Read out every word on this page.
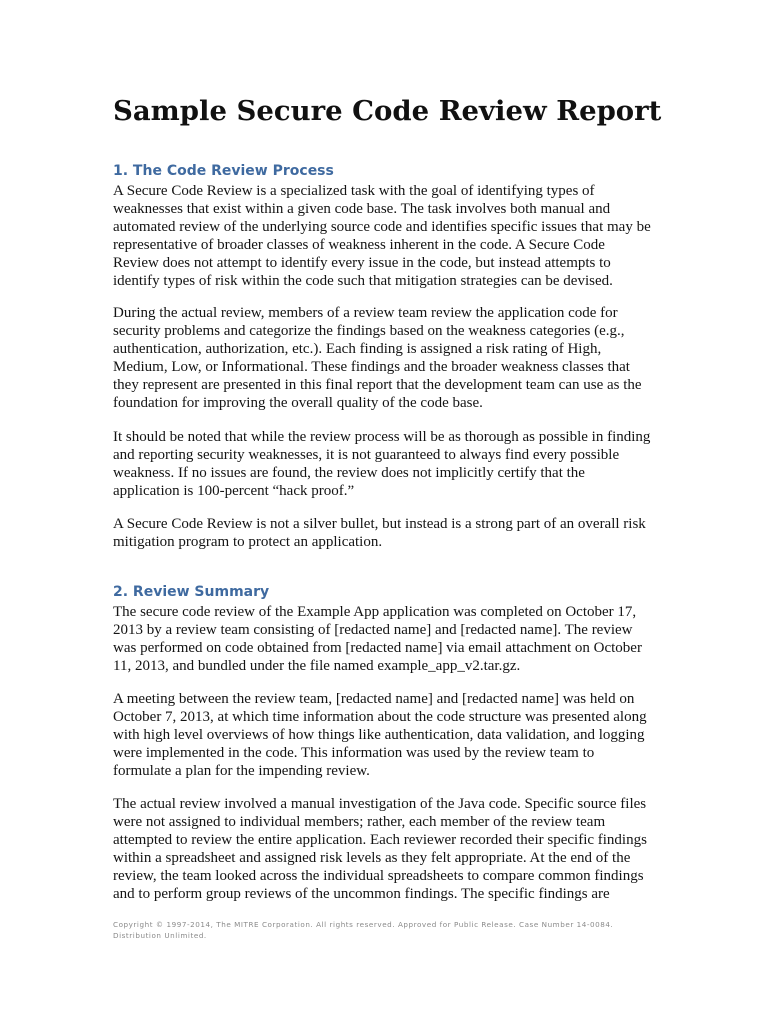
Sample Secure Code Review Report
1. The Code Review Process

A Secure Code Review is a specialized task with the goal of identifying types of
weaknesses that exist within a given code base. The task involves both manual and
automated review of the underlying source code and identifies specific issues that may be
representative of broader classes of weakness inherent in the code. A Secure Code
Review does not attempt to identify every issue in the code, but instead attempts to
identify types of risk within the code such that mitigation strategies can be devised.

During the actual review, members of a review team review the application code for
security problems and categorize the findings based on the weakness categories (e.g.,
authentication, authorization, etc.). Each finding is assigned a risk rating of High,
Medium, Low, or Informational. These findings and the broader weakness classes that
they represent are presented in this final report that the development team can use as the
foundation for improving the overall quality of the code base.

It should be noted that while the review process will be as thorough as possible in finding
and reporting security weaknesses, it is not guaranteed to always find every possible
weakness. If no issues are found, the review does not implicitly certify that the
application is 100-percent “hack proof.”

A Secure Code Review is not a silver bullet, but instead is a strong part of an overall risk
mitigation program to protect an application.

2. Review Summary

The secure code review of the Example App application was completed on October 17,
2013 by a review team consisting of [redacted name] and [redacted name]. The review
was performed on code obtained from [redacted name] via email attachment on October
11, 2013, and bundled under the file named example_app_v2.tar.gz.

A meeting between the review team, [redacted name] and [redacted name] was held on
October 7, 2013, at which time information about the code structure was presented along
with high level overviews of how things like authentication, data validation, and logging
were implemented in the code. This information was used by the review team to
formulate a plan for the impending review.

The actual review involved a manual investigation of the Java code. Specific source files
were not assigned to individual members; rather, each member of the review team
attempted to review the entire application. Each reviewer recorded their specific findings
within a spreadsheet and assigned risk levels as they felt appropriate. At the end of the
review, the team looked across the individual spreadsheets to compare common findings
and to perform group reviews of the uncommon findings. The specific findings are

Copyright © 1997-2014, The MITRE Corporation. All rights reserved. Approved for Public Release. Case Number 14-0084.
Distribution Unlimited.
